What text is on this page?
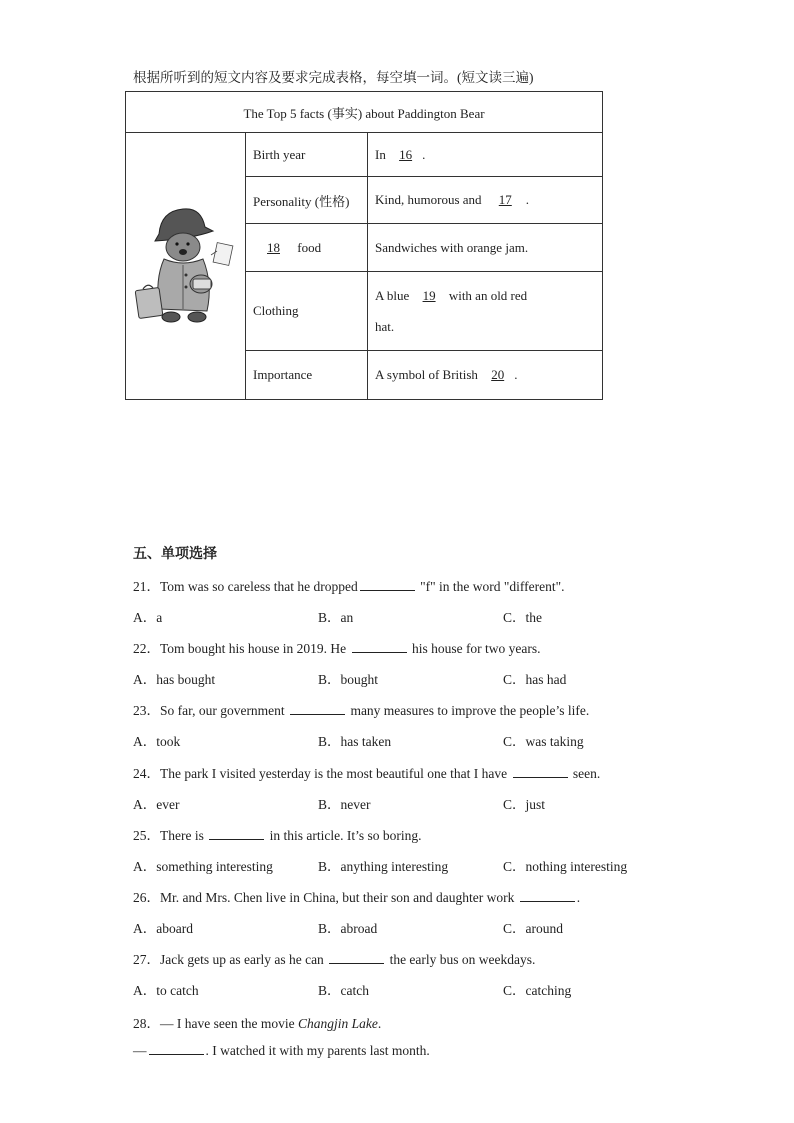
根据所听到的短文内容及要求完成表格，每空填一词。(短文读三遍)
The Top 5 facts (事实) about Paddington Bear		
	Birth year	In 16 .
	Personality (性格)	Kind, humorous and 17 .
	18 food	Sandwiches with orange jam.
	Clothing	A blue 19 with an old red
hat.
	Importance	A symbol of British 20 .
五、单项选择
21．Tom was so careless that he dropped	"f" in the word "different".
A．a	B．an	C．the
22．Tom bought his house in 2019. He	his house for two years.
A．has bought	B．bought	C．has had
23．So far, our government	many measures to improve the people’s life.
A．took	B．has taken	C．was taking
24．The park I visited yesterday is the most beautiful one that I have	seen.
A．ever	B．never	C．just
25．There is	in this article. It’s so boring.
A．something interesting	B．anything interesting	C．nothing interesting
26．Mr. and Mrs. Chen live in China, but their son and daughter work	.
A．aboard	B．abroad	C．around
27．Jack gets up as early as he can	the early bus on weekdays.
A．to catch	B．catch	C．catching
28．— I have seen the movie Changjin Lake.
—	. I watched it with my parents last month.
